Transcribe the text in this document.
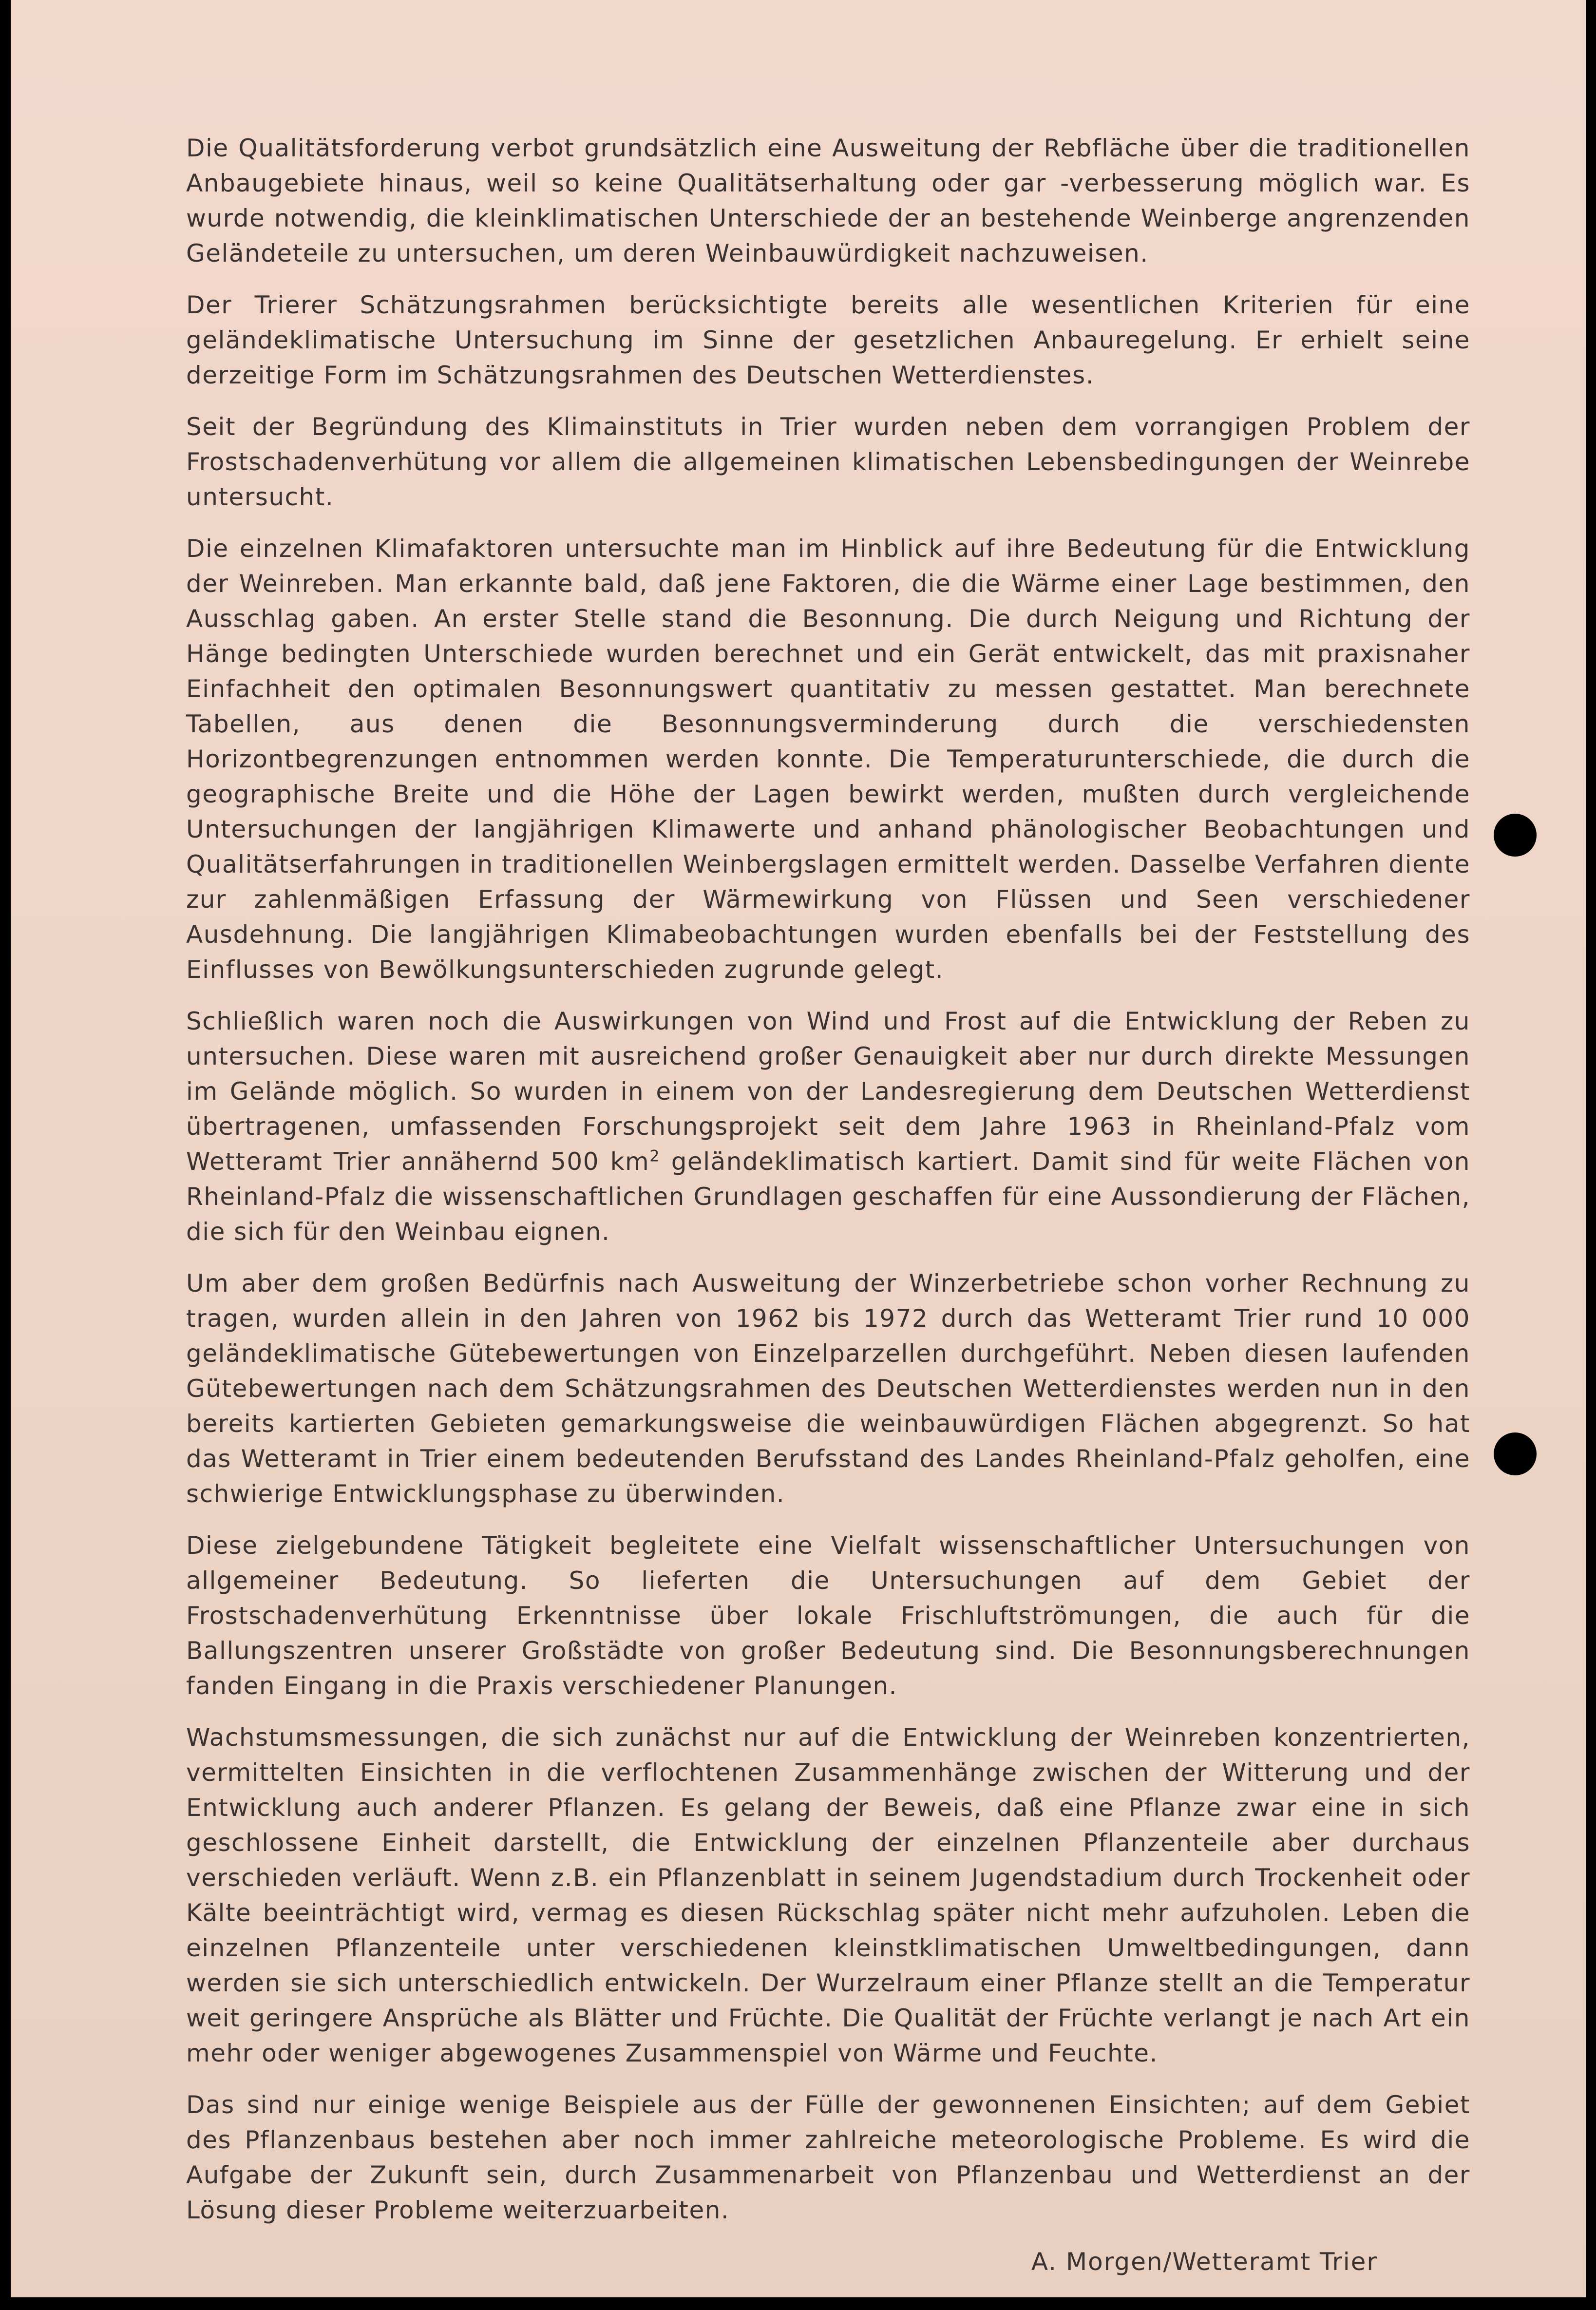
Die Qualitätsforderung verbot grundsätzlich eine Ausweitung der Rebfläche über die traditionellen Anbaugebiete hinaus, weil so keine Qualitätserhaltung oder gar -verbesserung möglich war. Es wurde notwendig, die kleinklimatischen Unterschiede der an bestehende Weinberge angrenzenden Geländeteile zu untersuchen, um deren Weinbauwürdigkeit nachzuweisen.

Der Trierer Schätzungsrahmen berücksichtigte bereits alle wesentlichen Kriterien für eine geländeklimatische Untersuchung im Sinne der gesetzlichen Anbauregelung. Er erhielt seine derzeitige Form im Schätzungsrahmen des Deutschen Wetterdienstes.

Seit der Begründung des Klimainstituts in Trier wurden neben dem vorrangigen Problem der Frostschadenverhütung vor allem die allgemeinen klimatischen Lebensbedingungen der Weinrebe untersucht.

Die einzelnen Klimafaktoren untersuchte man im Hinblick auf ihre Bedeutung für die Entwicklung der Weinreben. Man erkannte bald, daß jene Faktoren, die die Wärme einer Lage bestimmen, den Ausschlag gaben. An erster Stelle stand die Besonnung. Die durch Neigung und Richtung der Hänge bedingten Unterschiede wurden berechnet und ein Gerät entwickelt, das mit praxisnaher Einfachheit den optimalen Besonnungswert quantitativ zu messen gestattet. Man berechnete Tabellen, aus denen die Besonnungsverminderung durch die verschiedensten Horizontbegrenzungen entnommen werden konnte. Die Temperaturunterschiede, die durch die geographische Breite und die Höhe der Lagen bewirkt werden, mußten durch vergleichende Untersuchungen der langjährigen Klimawerte und anhand phänologischer Beobachtungen und Qualitätserfahrungen in traditionellen Weinbergslagen ermittelt werden. Dasselbe Verfahren diente zur zahlenmäßigen Erfassung der Wärmewirkung von Flüssen und Seen verschiedener Ausdehnung. Die langjährigen Klimabeobachtungen wurden ebenfalls bei der Feststellung des Einflusses von Bewölkungsunterschieden zugrunde gelegt.

Schließlich waren noch die Auswirkungen von Wind und Frost auf die Entwicklung der Reben zu untersuchen. Diese waren mit ausreichend großer Genauigkeit aber nur durch direkte Messungen im Gelände möglich. So wurden in einem von der Landesregierung dem Deutschen Wetterdienst übertragenen, umfassenden Forschungsprojekt seit dem Jahre 1963 in Rheinland-Pfalz vom Wetteramt Trier annähernd 500 $km^2$ geländeklimatisch kartiert. Damit sind für weite Flächen von Rheinland-Pfalz die wissenschaftlichen Grundlagen geschaffen für eine Aussondierung der Flächen, die sich für den Weinbau eignen.

Um aber dem großen Bedürfnis nach Ausweitung der Winzerbetriebe schon vorher Rechnung zu tragen, wurden allein in den Jahren von 1962 bis 1972 durch das Wetteramt Trier rund 10 000 geländeklimatische Gütebewertungen von Einzelparzellen durchgeführt. Neben diesen laufenden Gütebewertungen nach dem Schätzungsrahmen des Deutschen Wetterdienstes werden nun in den bereits kartierten Gebieten gemarkungsweise die weinbauwürdigen Flächen abgegrenzt. So hat das Wetteramt in Trier einem bedeutenden Berufsstand des Landes Rheinland-Pfalz geholfen, eine schwierige Entwicklungsphase zu überwinden.

Diese zielgebundene Tätigkeit begleitete eine Vielfalt wissenschaftlicher Untersuchungen von allgemeiner Bedeutung. So lieferten die Untersuchungen auf dem Gebiet der Frostschadenverhütung Erkenntnisse über lokale Frischluftströmungen, die auch für die Ballungszentren unserer Großstädte von großer Bedeutung sind. Die Besonnungsberechnungen fanden Eingang in die Praxis verschiedener Planungen.

Wachstumsmessungen, die sich zunächst nur auf die Entwicklung der Weinreben konzentrierten, vermittelten Einsichten in die verflochtenen Zusammenhänge zwischen der Witterung und der Entwicklung auch anderer Pflanzen. Es gelang der Beweis, daß eine Pflanze zwar eine in sich geschlossene Einheit darstellt, die Entwicklung der einzelnen Pflanzenteile aber durchaus verschieden verläuft. Wenn z.B. ein Pflanzenblatt in seinem Jugendstadium durch Trockenheit oder Kälte beeinträchtigt wird, vermag es diesen Rückschlag später nicht mehr aufzuholen. Leben die einzelnen Pflanzenteile unter verschiedenen kleinstklimatischen Umweltbedingungen, dann werden sie sich unterschiedlich entwickeln. Der Wurzelraum einer Pflanze stellt an die Temperatur weit geringere Ansprüche als Blätter und Früchte. Die Qualität der Früchte verlangt je nach Art ein mehr oder weniger abgewogenes Zusammenspiel von Wärme und Feuchte.

Das sind nur einige wenige Beispiele aus der Fülle der gewonnenen Einsichten; auf dem Gebiet des Pflanzenbaus bestehen aber noch immer zahlreiche meteorologische Probleme. Es wird die Aufgabe der Zukunft sein, durch Zusammenarbeit von Pflanzenbau und Wetterdienst an der Lösung dieser Probleme weiterzuarbeiten.

A. Morgen/Wetteramt Trier
